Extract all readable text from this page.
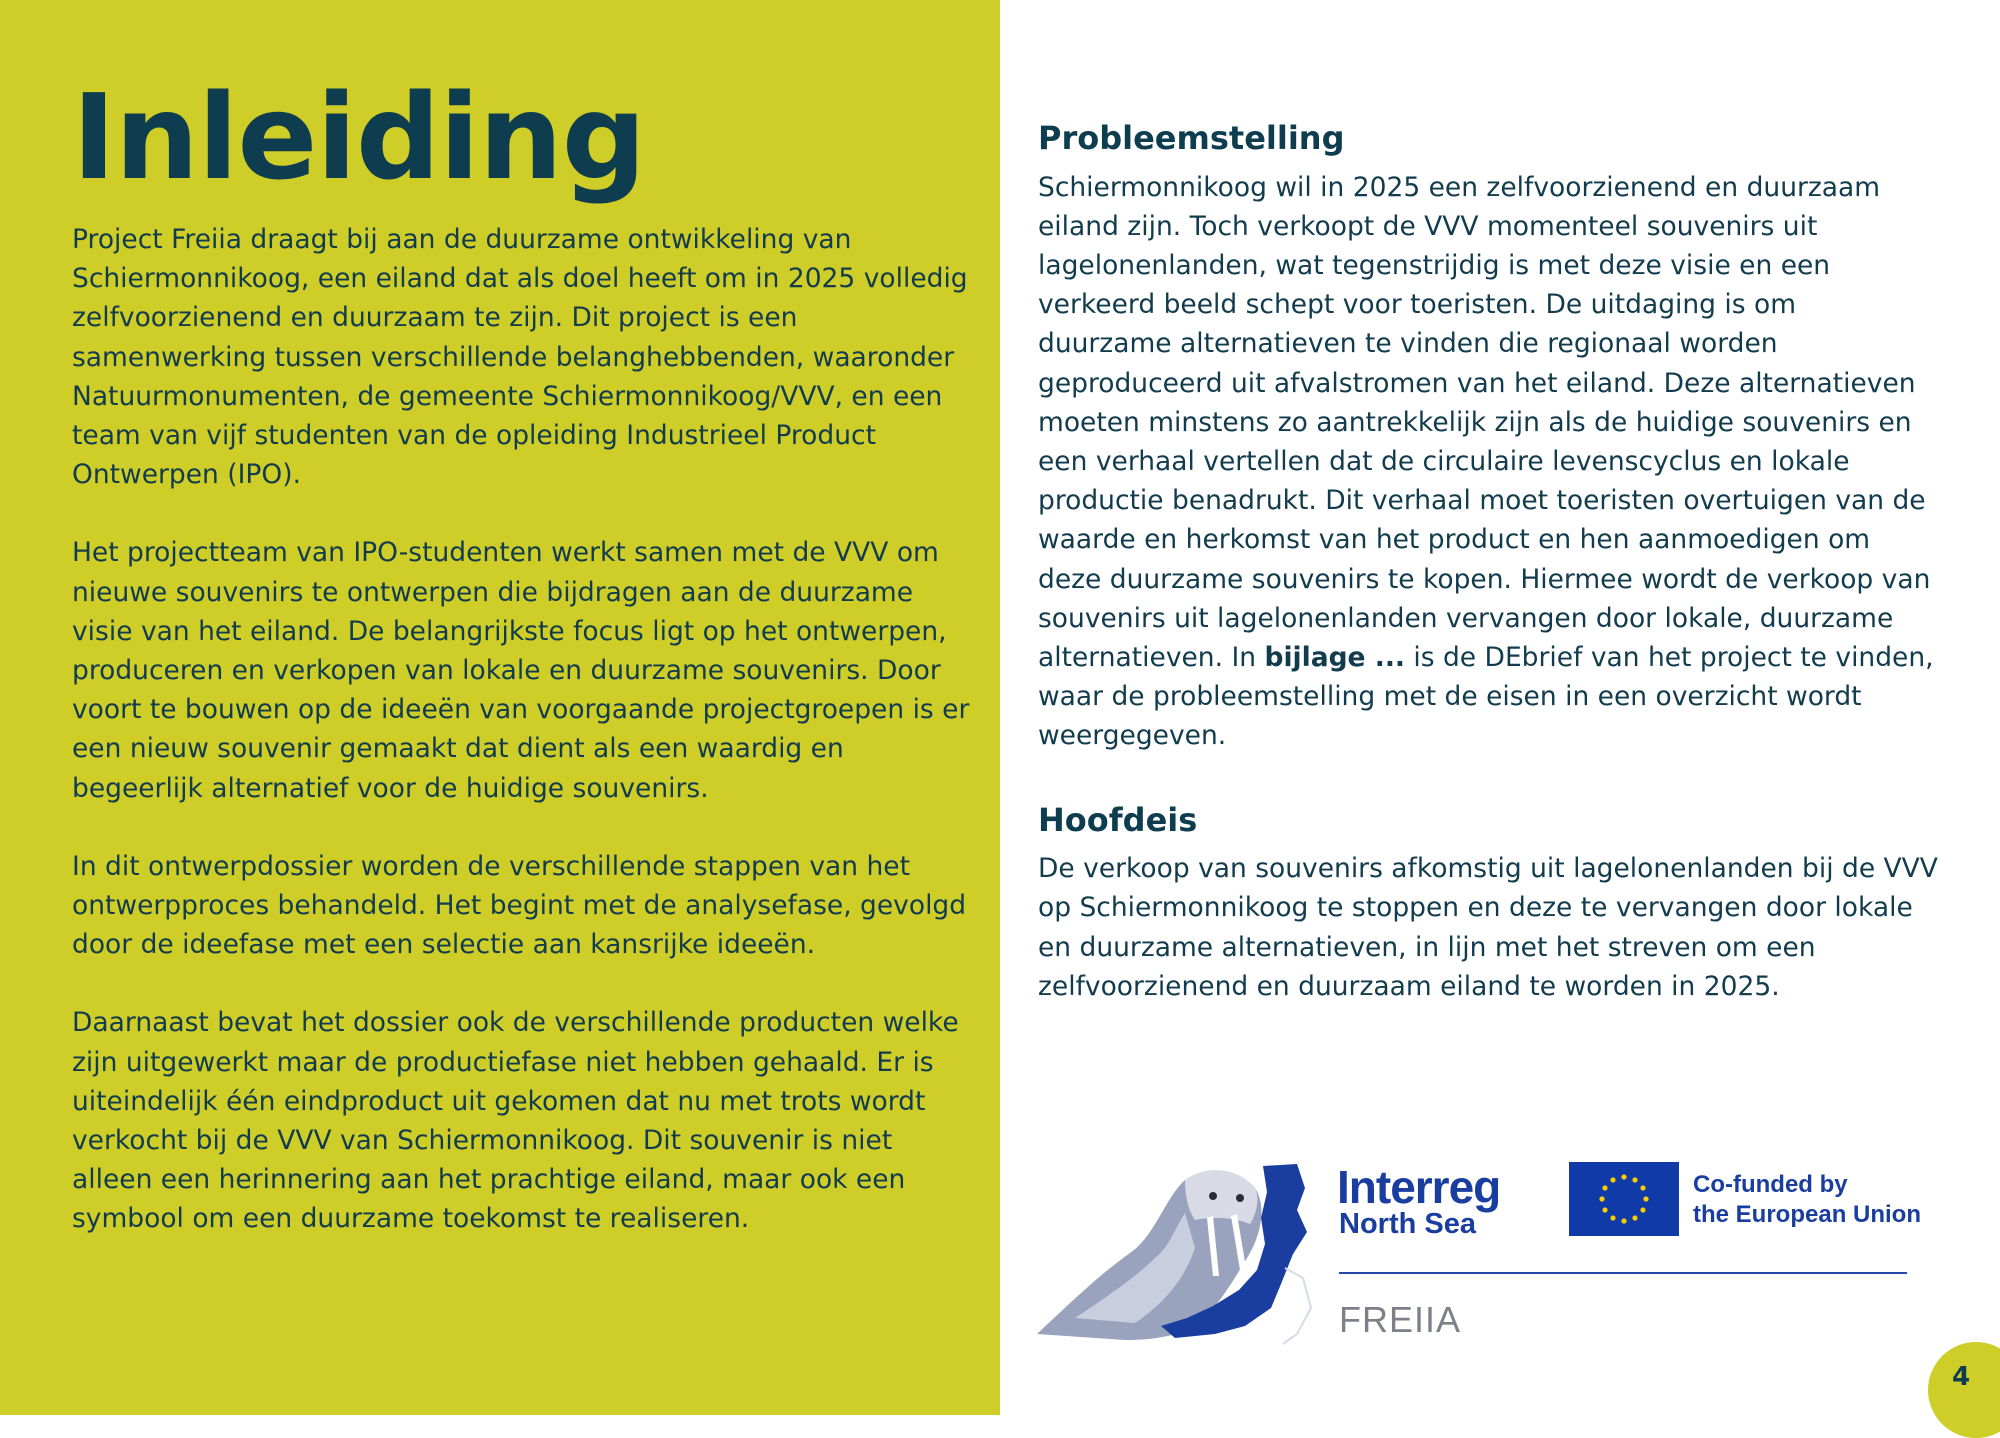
Inleiding

Project Freiia draagt bij aan de duurzame ontwikkeling van Schiermonnikoog, een eiland dat als doel heeft om in 2025 volledig zelfvoorzienend en duurzaam te zijn. Dit project is een samenwerking tussen verschillende belanghebbenden, waaronder Natuurmonumenten, de gemeente Schiermonnikoog/VVV, en een team van vijf studenten van de opleiding Industrieel Product Ontwerpen (IPO).

Het projectteam van IPO-studenten werkt samen met de VVV om nieuwe souvenirs te ontwerpen die bijdragen aan de duurzame visie van het eiland. De belangrijkste focus ligt op het ontwerpen, produceren en verkopen van lokale en duurzame souvenirs. Door voort te bouwen op de ideeën van voorgaande projectgroepen is er een nieuw souvenir gemaakt dat dient als een waardig en begeerlijk alternatief voor de huidige souvenirs.

In dit ontwerpdossier worden de verschillende stappen van het ontwerpproces behandeld. Het begint met de analysefase, gevolgd door de ideefase met een selectie aan kansrijke ideeën.

Daarnaast bevat het dossier ook de verschillende producten welke zijn uitgewerkt maar de productiefase niet hebben gehaald. Er is uiteindelijk één eindproduct uit gekomen dat nu met trots wordt verkocht bij de VVV van Schiermonnikoog. Dit souvenir is niet alleen een herinnering aan het prachtige eiland, maar ook een symbool om een duurzame toekomst te realiseren.

Probleemstelling

Schiermonnikoog wil in 2025 een zelfvoorzienend en duurzaam eiland zijn. Toch verkoopt de VVV momenteel souvenirs uit lagelonenlanden, wat tegenstrijdig is met deze visie en een verkeerd beeld schept voor toeristen. De uitdaging is om duurzame alternatieven te vinden die regionaal worden geproduceerd uit afvalstromen van het eiland. Deze alternatieven moeten minstens zo aantrekkelijk zijn als de huidige souvenirs en een verhaal vertellen dat de circulaire levenscyclus en lokale productie benadrukt. Dit verhaal moet toeristen overtuigen van de waarde en herkomst van het product en hen aanmoedigen om deze duurzame souvenirs te kopen. Hiermee wordt de verkoop van souvenirs uit lagelonenlanden vervangen door lokale, duurzame alternatieven. In bijlage ... is de DEbrief van het project te vinden, waar de probleemstelling met de eisen in een overzicht wordt weergegeven.

Hoofdeis

De verkoop van souvenirs afkomstig uit lagelonenlanden bij de VVV op Schiermonnikoog te stoppen en deze te vervangen door lokale en duurzame alternatieven, in lijn met het streven om een zelfvoorzienend en duurzaam eiland te worden in 2025.

Interreg
North Sea
Co-funded by
the European Union
FREIIA
4
